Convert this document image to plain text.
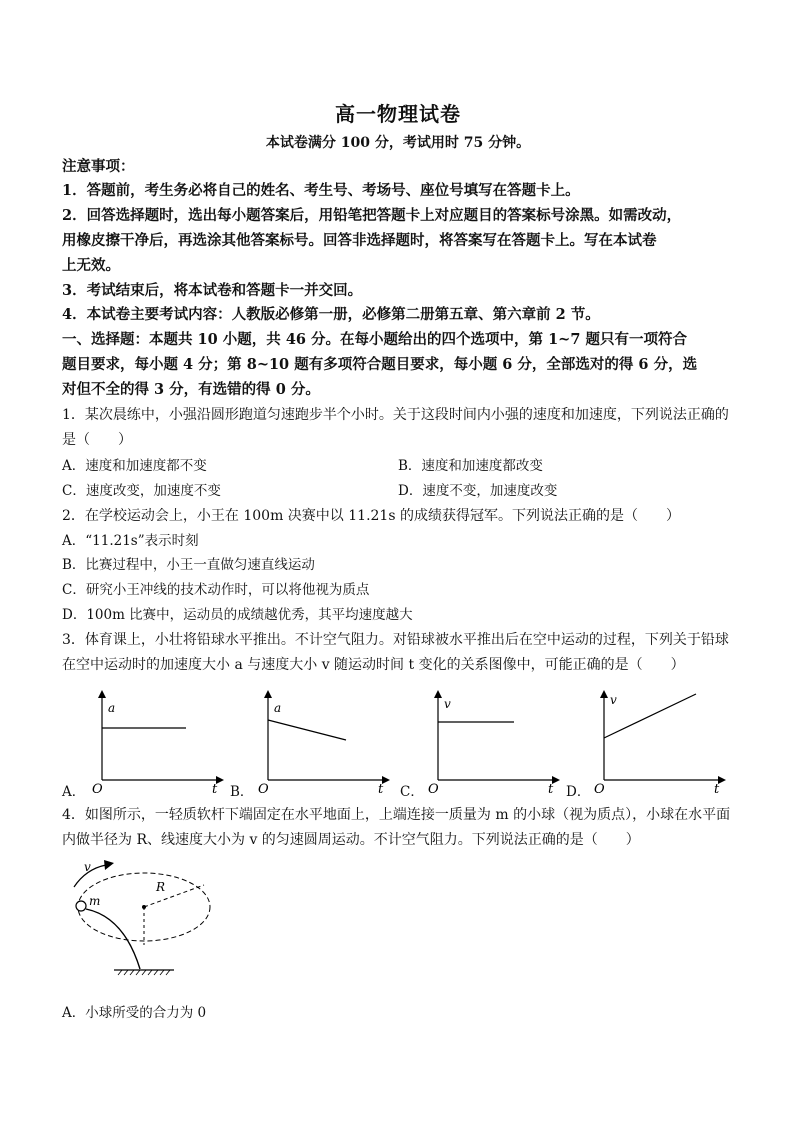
高一物理试卷
本试卷满分 100 分，考试用时 75 分钟。
注意事项：
1．答题前，考生务必将自己的姓名、考生号、考场号、座位号填写在答题卡上。
2．回答选择题时，选出每小题答案后，用铅笔把答题卡上对应题目的答案标号涂黑。如需改动，
用橡皮擦干净后，再选涂其他答案标号。回答非选择题时，将答案写在答题卡上。写在本试卷
上无效。
3．考试结束后，将本试卷和答题卡一并交回。
4．本试卷主要考试内容：人教版必修第一册，必修第二册第五章、第六章前 2 节。
一、选择题：本题共 10 小题，共 46 分。在每小题给出的四个选项中，第 1~7 题只有一项符合
题目要求，每小题 4 分；第 8~10 题有多项符合题目要求，每小题 6 分，全部选对的得 6 分，选
对但不全的得 3 分，有选错的得 0 分。
1．某次晨练中，小强沿圆形跑道匀速跑步半个小时。关于这段时间内小强的速度和加速度，下列说法正确的
是（　　）
A．速度和加速度都不变	B．速度和加速度都改变
C．速度改变，加速度不变	D．速度不变，加速度改变
2．在学校运动会上，小王在 100m 决赛中以 11.21s 的成绩获得冠军。下列说法正确的是（　　）
A．“11.21s”表示时刻
B．比赛过程中，小王一直做匀速直线运动
C．研究小王冲线的技术动作时，可以将他视为质点
D．100m 比赛中，运动员的成绩越优秀，其平均速度越大
3．体育课上，小壮将铅球水平推出。不计空气阻力。对铅球被水平推出后在空中运动的过程，下列关于铅球
在空中运动时的加速度大小 a 与速度大小 v 随运动时间 t 变化的关系图像中，可能正确的是（　　）
A．
a
O	t B．
a
O	t C．
v
O	t D．
v
O	t
4．如图所示，一轻质软杆下端固定在水平地面上，上端连接一质量为 m 的小球（视为质点），小球在水平面
内做半径为 R、线速度大小为 v 的匀速圆周运动。不计空气阻力。下列说法正确的是（　　）
v
m
R
A．小球所受的合力为 0
